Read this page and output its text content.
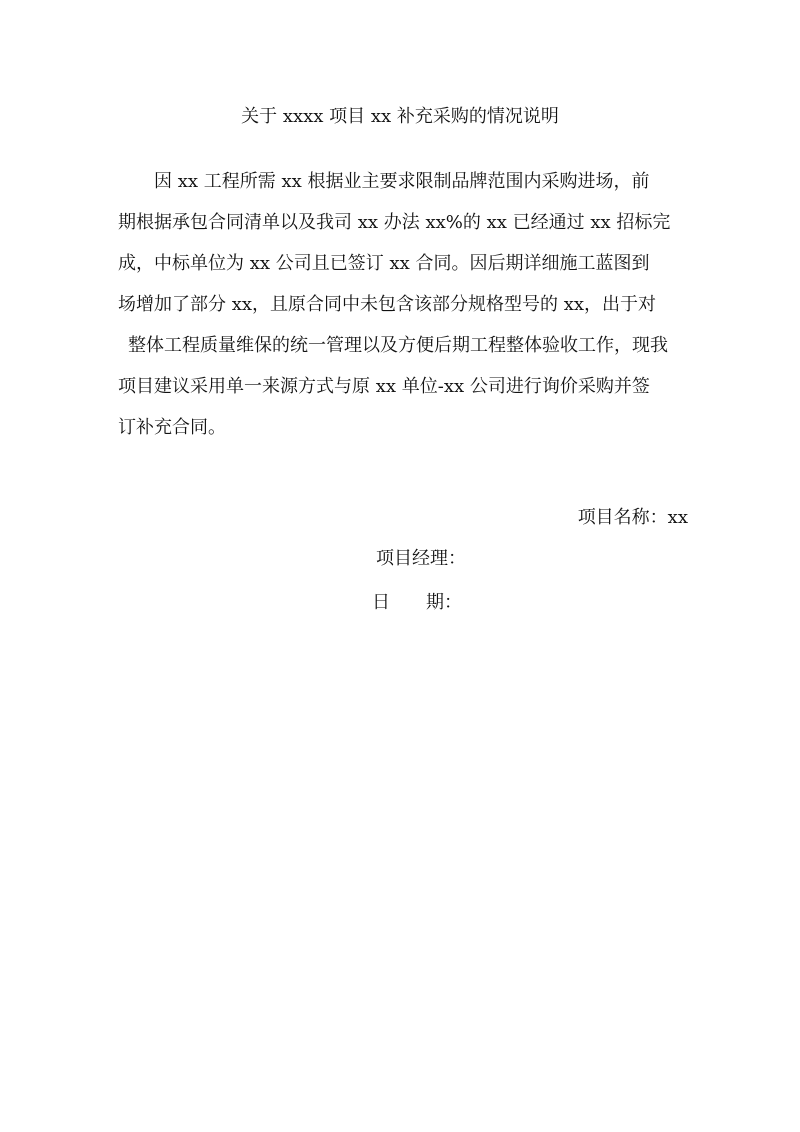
关于 xxxx 项目 xx 补充采购的情况说明
因 xx 工程所需 xx 根据业主要求限制品牌范围内采购进场，前
期根据承包合同清单以及我司 xx 办法 xx%的 xx 已经通过 xx 招标完
成，中标单位为 xx 公司且已签订 xx 合同。因后期详细施工蓝图到
场增加了部分 xx，且原合同中未包含该部分规格型号的 xx，出于对
整体工程质量维保的统一管理以及方便后期工程整体验收工作，现我
项目建议采用单一来源方式与原 xx 单位-xx 公司进行询价采购并签
订补充合同。
项目名称：xx
项目经理：
日　　期：
